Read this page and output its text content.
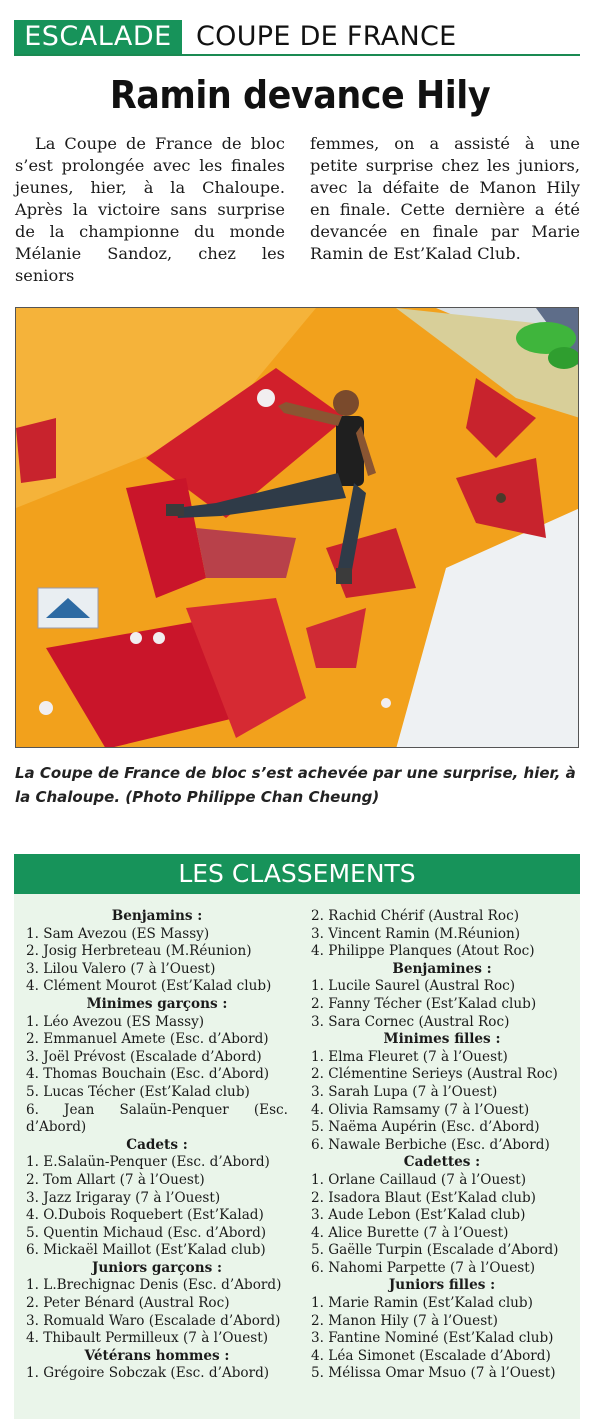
ESCALADE COUPE DE FRANCE
Ramin devance Hily

La Coupe de France de bloc s’est prolongée avec les finales jeunes, hier, à la Chaloupe. Après la victoire sans surprise de la championne du monde Mélanie Sandoz, chez les seniors

femmes, on a assisté à une petite surprise chez les juniors, avec la défaite de Manon Hily en finale. Cette dernière a été devancée en finale par Marie Ramin de Est’Kalad Club.

La Coupe de France de bloc s’est achevée par une surprise, hier, à la Chaloupe. (Photo Philippe Chan Cheung)

LES CLASSEMENTS
Benjamins :
1. Sam Avezou (ES Massy)
2. Josig Herbreteau (M.Réunion)
3. Lilou Valero (7 à l’Ouest)
4. Clément Mourot (Est’Kalad club)
Minimes garçons :
1. Léo Avezou (ES Massy)
2. Emmanuel Amete (Esc. d’Abord)
3. Joël Prévost (Escalade d’Abord)
4. Thomas Bouchain (Esc. d’Abord)
5. Lucas Técher (Est’Kalad club)
6. Jean Salaün-Penquer (Esc. d’Abord)
Cadets :
1. E.Salaün-Penquer (Esc. d’Abord)
2. Tom Allart (7 à l’Ouest)
3. Jazz Irigaray (7 à l’Ouest)
4. O.Dubois Roquebert (Est’Kalad)
5. Quentin Michaud (Esc. d’Abord)
6. Mickaël Maillot (Est’Kalad club)
Juniors garçons :
1. L.Brechignac Denis (Esc. d’Abord)
2. Peter Bénard (Austral Roc)
3. Romuald Waro (Escalade d’Abord)
4. Thibault Permilleux (7 à l’Ouest)
Vétérans hommes :
1. Grégoire Sobczak (Esc. d’Abord)
2. Rachid Chérif (Austral Roc)
3. Vincent Ramin (M.Réunion)
4. Philippe Planques (Atout Roc)
Benjamines :
1. Lucile Saurel (Austral Roc)
2. Fanny Técher (Est’Kalad club)
3. Sara Cornec (Austral Roc)
Minimes filles :
1. Elma Fleuret (7 à l’Ouest)
2. Clémentine Serieys (Austral Roc)
3. Sarah Lupa (7 à l’Ouest)
4. Olivia Ramsamy (7 à l’Ouest)
5. Naëma Aupérin (Esc. d’Abord)
6. Nawale Berbiche (Esc. d’Abord)
Cadettes :
1. Orlane Caillaud (7 à l’Ouest)
2. Isadora Blaut (Est’Kalad club)
3. Aude Lebon (Est’Kalad club)
4. Alice Burette (7 à l’Ouest)
5. Gaëlle Turpin (Escalade d’Abord)
6. Nahomi Parpette (7 à l’Ouest)
Juniors filles :
1. Marie Ramin (Est’Kalad club)
2. Manon Hily (7 à l’Ouest)
3. Fantine Nominé (Est’Kalad club)
4. Léa Simonet (Escalade d’Abord)
5. Mélissa Omar Msuo (7 à l’Ouest)
